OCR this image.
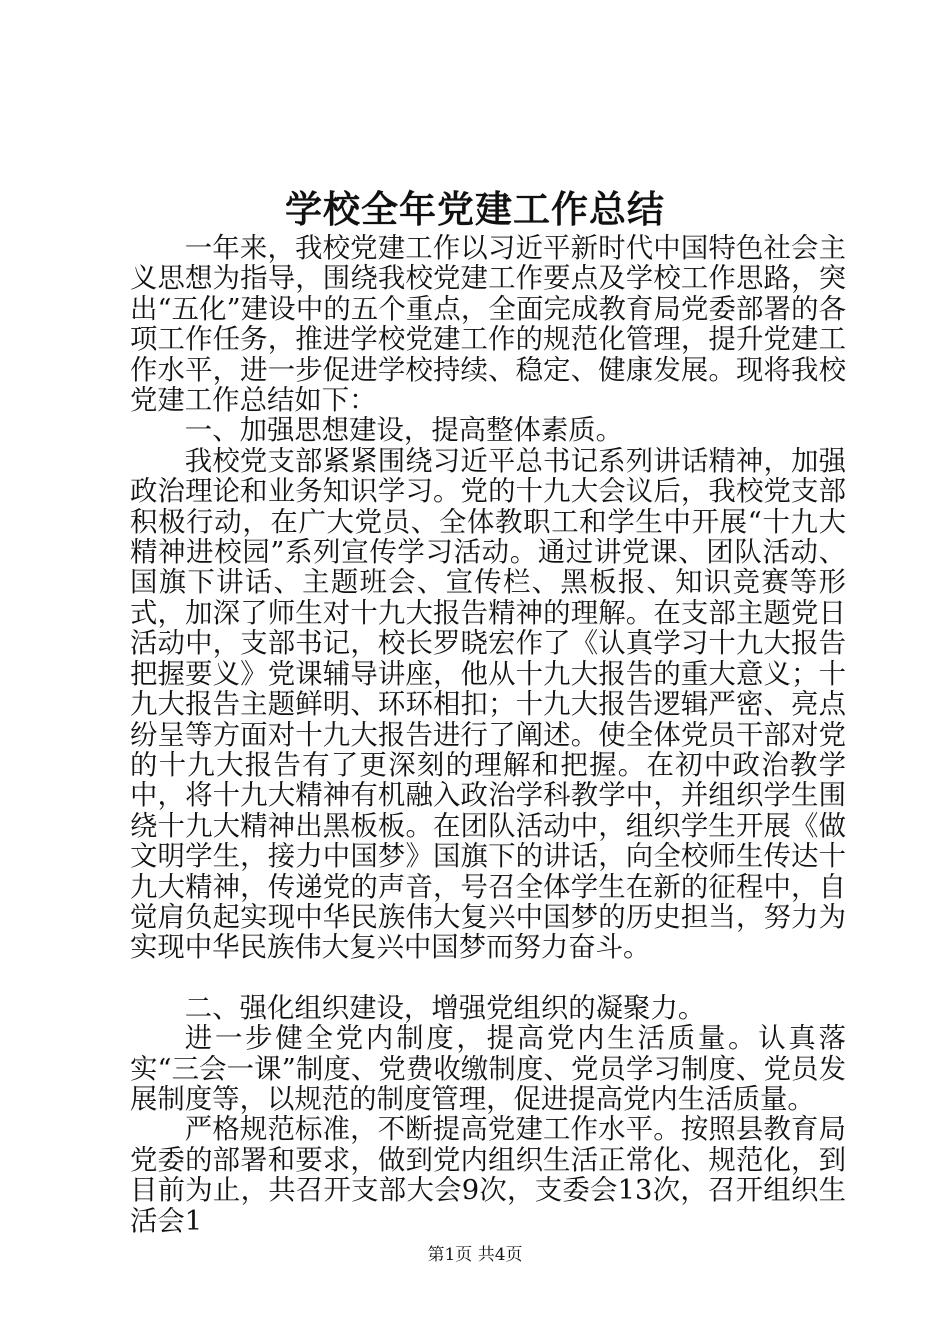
学校全年党建工作总结

一年来，我校党建工作以习近平新时代中国特色社会主义思想为指导，围绕我校党建工作要点及学校工作思路，突出“五化”建设中的五个重点，全面完成教育局党委部署的各项工作任务，推进学校党建工作的规范化管理，提升党建工作水平，进一步促进学校持续、稳定、健康发展。现将我校党建工作总结如下：

一、加强思想建设，提高整体素质。

我校党支部紧紧围绕习近平总书记系列讲话精神，加强政治理论和业务知识学习。党的十九大会议后，我校党支部积极行动，在广大党员、全体教职工和学生中开展“十九大精神进校园”系列宣传学习活动。通过讲党课、团队活动、国旗下讲话、主题班会、宣传栏、黑板报、知识竞赛等形式，加深了师生对十九大报告精神的理解。在支部主题党日活动中，支部书记，校长罗晓宏作了《认真学习十九大报告把握要义》党课辅导讲座，他从十九大报告的重大意义；十九大报告主题鲜明、环环相扣；十九大报告逻辑严密、亮点纷呈等方面对十九大报告进行了阐述。使全体党员干部对党的十九大报告有了更深刻的理解和把握。在初中政治教学中，将十九大精神有机融入政治学科教学中，并组织学生围绕十九大精神出黑板板。在团队活动中，组织学生开展《做文明学生，接力中国梦》国旗下的讲话，向全校师生传达十九大精神，传递党的声音，号召全体学生在新的征程中，自觉肩负起实现中华民族伟大复兴中国梦的历史担当，努力为实现中华民族伟大复兴中国梦而努力奋斗。

二、强化组织建设，增强党组织的凝聚力。

进一步健全党内制度，提高党内生活质量。认真落实“三会一课”制度、党费收缴制度、党员学习制度、党员发展制度等，以规范的制度管理，促进提高党内生活质量。

严格规范标准，不断提高党建工作水平。按照县教育局党委的部署和要求，做到党内组织生活正常化、规范化，到目前为止，共召开支部大会9次，支委会13次，召开组织生活会1

第1页 共4页
